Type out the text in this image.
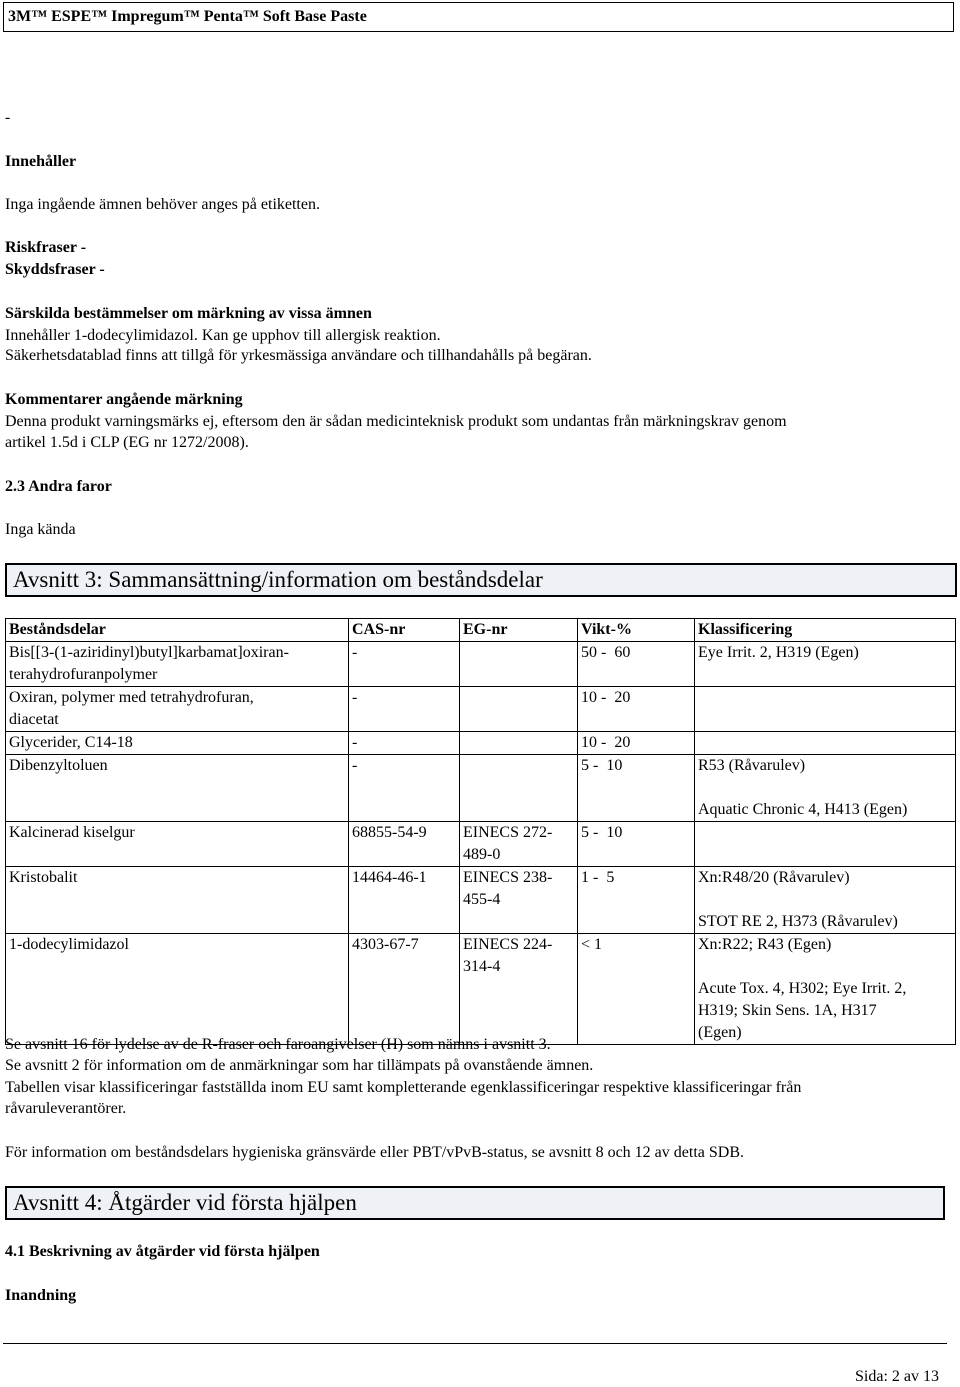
3M™ ESPE™ Impregum™ Penta™ Soft Base Paste
-
Innehåller
Inga ingående ämnen behöver anges på etiketten.
Riskfraser -
Skyddsfraser -
Särskilda bestämmelser om märkning av vissa ämnen
Innehåller 1-dodecylimidazol. Kan ge upphov till allergisk reaktion.
Säkerhetsdatablad finns att tillgå för yrkesmässiga användare och tillhandahålls på begäran.
Kommentarer angående märkning
Denna produkt varningsmärks ej, eftersom den är sådan medicinteknisk produkt som undantas från märkningskrav genom
artikel 1.5d i CLP (EG nr 1272/2008).
2.3 Andra faror
Inga kända
Avsnitt 3: Sammansättning/information om beståndsdelar
Beståndsdelar	CAS-nr	EG-nr	Vikt-%	Klassificering
Bis[[3-(1-aziridinyl)butyl]karbamat]oxiran-
terahydrofuranpolymer	-		50 -  60	Eye Irrit. 2, H319 (Egen)
Oxiran, polymer med tetrahydrofuran,
diacetat	-		10 -  20	
Glycerider, C14-18	-		10 -  20	
Dibenzyltoluen	-		5 -  10	R53 (Råvarulev)

Aquatic Chronic 4, H413 (Egen)
Kalcinerad kiselgur	68855-54-9	EINECS 272-
489-0	5 -  10	
Kristobalit	14464-46-1	EINECS 238-
455-4	1 -  5	Xn:R48/20 (Råvarulev)

STOT RE 2, H373 (Råvarulev)
1-dodecylimidazol	4303-67-7	EINECS 224-
314-4	< 1	Xn:R22; R43 (Egen)

Acute Tox. 4, H302; Eye Irrit. 2,
H319; Skin Sens. 1A, H317
(Egen)
Se avsnitt 16 för lydelse av de R-fraser och faroangivelser (H) som nämns i avsnitt 3.
Se avsnitt 2 för information om de anmärkningar som har tillämpats på ovanstående ämnen.
Tabellen visar klassificeringar fastställda inom EU samt kompletterande egenklassificeringar respektive klassificeringar från
råvaruleverantörer.
För information om beståndsdelars hygieniska gränsvärde eller PBT/vPvB-status, se avsnitt 8 och 12 av detta SDB.
Avsnitt 4: Åtgärder vid första hjälpen
4.1 Beskrivning av åtgärder vid första hjälpen
Inandning
Sida: 2 av 13
